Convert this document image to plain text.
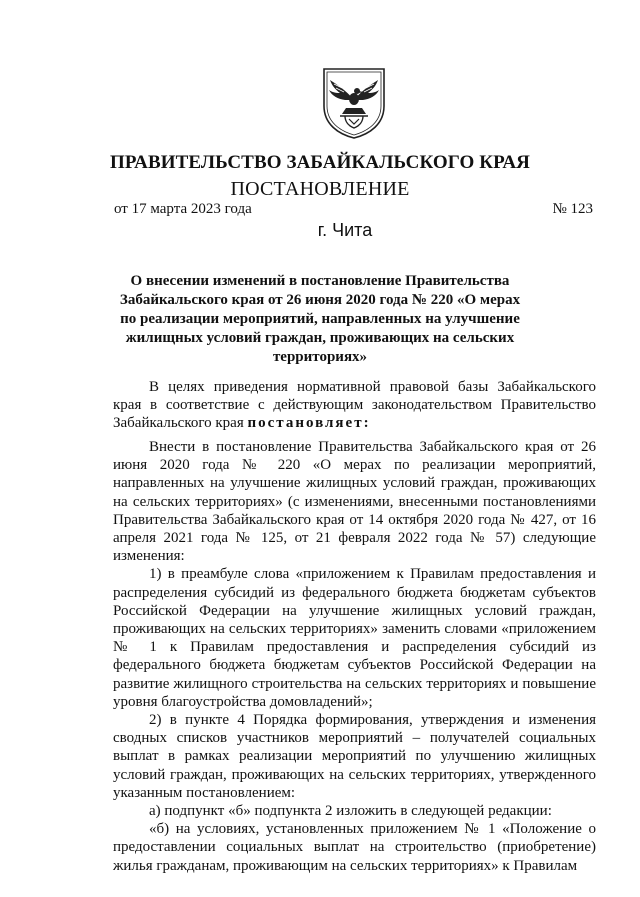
ПРАВИТЕЛЬСТВО ЗАБАЙКАЛЬСКОГО КРАЯ
ПОСТАНОВЛЕНИЕ
от 17 марта 2023 года	№ 123
г. Чита
О внесении изменений в постановление Правительства Забайкальского края от 26 июня 2020 года № 220 «О мерах по реализации мероприятий, направленных на улучшение жилищных условий граждан, проживающих на сельских территориях»

В целях приведения нормативной правовой базы Забайкальского края в соответствие с действующим законодательством Правительство Забайкальского края постановляет:

Внести в постановление Правительства Забайкальского края от 26 июня 2020 года № 220 «О мерах по реализации мероприятий, направленных на улучшение жилищных условий граждан, проживающих на сельских территориях» (с изменениями, внесенными постановлениями Правительства Забайкальского края от 14 октября 2020 года № 427, от 16 апреля 2021 года № 125, от 21 февраля 2022 года № 57) следующие изменения:

1) в преамбуле слова «приложением к Правилам предоставления и распределения субсидий из федерального бюджета бюджетам субъектов Российской Федерации на улучшение жилищных условий граждан, проживающих на сельских территориях» заменить словами «приложением № 1 к Правилам предоставления и распределения субсидий из федерального бюджета бюджетам субъектов Российской Федерации на развитие жилищного строительства на сельских территориях и повышение уровня благоустройства домовладений»;

2) в пункте 4 Порядка формирования, утверждения и изменения сводных списков участников мероприятий – получателей социальных выплат в рамках реализации мероприятий по улучшению жилищных условий граждан, проживающих на сельских территориях, утвержденного указанным постановлением:

а) подпункт «б» подпункта 2 изложить в следующей редакции:

«б) на условиях, установленных приложением № 1 «Положение о предоставлении социальных выплат на строительство (приобретение) жилья гражданам, проживающим на сельских территориях» к Правилам
